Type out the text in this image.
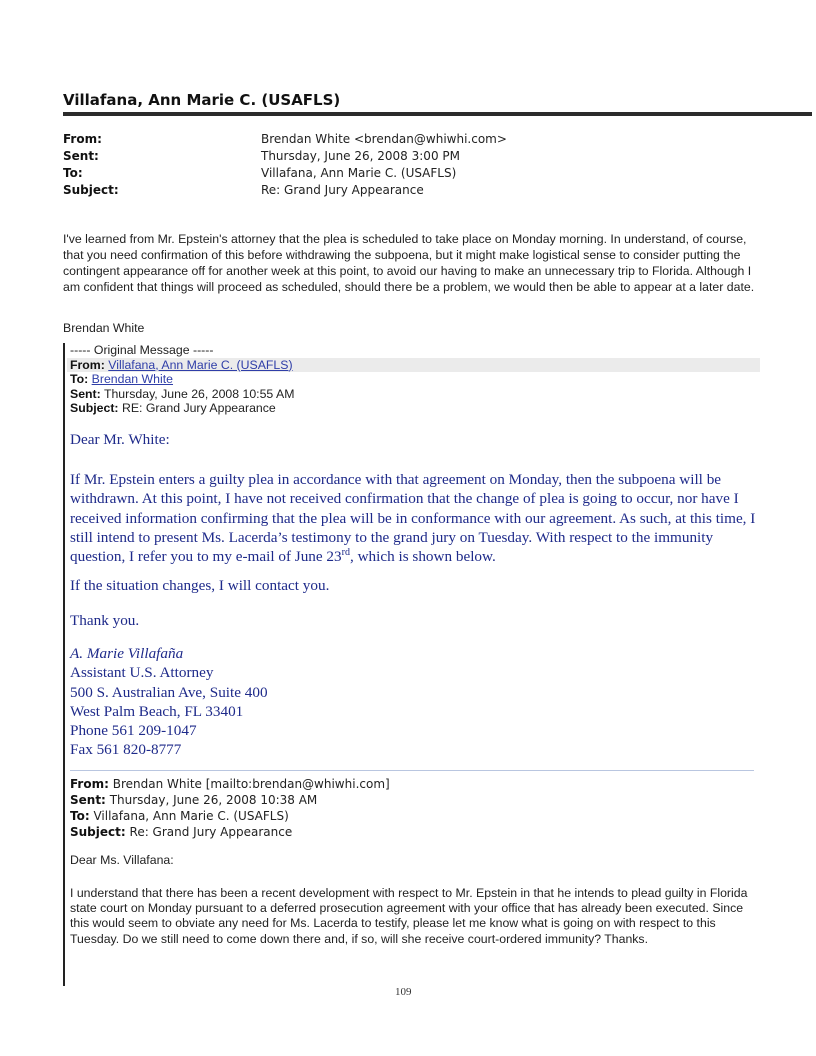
Villafana, Ann Marie C. (USAFLS)
From:	Brendan White <brendan@whiwhi.com>
Sent:	Thursday, June 26, 2008 3:00 PM
To:	Villafana, Ann Marie C. (USAFLS)
Subject:	Re: Grand Jury Appearance
I've learned from Mr. Epstein's attorney that the plea is scheduled to take place on Monday morning. In understand, of course, that you need confirmation of this before withdrawing the subpoena, but it might make logistical sense to consider putting the contingent appearance off for another week at this point, to avoid our having to make an unnecessary trip to Florida. Although I am confident that things will proceed as scheduled, should there be a problem, we would then be able to appear at a later date.
Brendan White
----- Original Message -----
From: Villafana, Ann Marie C. (USAFLS)
To: Brendan White
Sent: Thursday, June 26, 2008 10:55 AM
Subject: RE: Grand Jury Appearance
Dear Mr. White:
If Mr. Epstein enters a guilty plea in accordance with that agreement on Monday, then the subpoena will be withdrawn. At this point, I have not received confirmation that the change of plea is going to occur, nor have I received information confirming that the plea will be in conformance with our agreement. As such, at this time, I still intend to present Ms. Lacerda’s testimony to the grand jury on Tuesday. With respect to the immunity question, I refer you to my e-mail of June 23rd, which is shown below.
If the situation changes, I will contact you.
Thank you.
A. Marie Villafaña
Assistant U.S. Attorney
500 S. Australian Ave, Suite 400
West Palm Beach, FL 33401
Phone 561 209-1047
Fax 561 820-8777
From: Brendan White [mailto:brendan@whiwhi.com]
Sent: Thursday, June 26, 2008 10:38 AM
To: Villafana, Ann Marie C. (USAFLS)
Subject: Re: Grand Jury Appearance
Dear Ms. Villafana:
I understand that there has been a recent development with respect to Mr. Epstein in that he intends to plead guilty in Florida state court on Monday pursuant to a deferred prosecution agreement with your office that has already been executed. Since this would seem to obviate any need for Ms. Lacerda to testify, please let me know what is going on with respect to this Tuesday. Do we still need to come down there and, if so, will she receive court-ordered immunity? Thanks.
109
